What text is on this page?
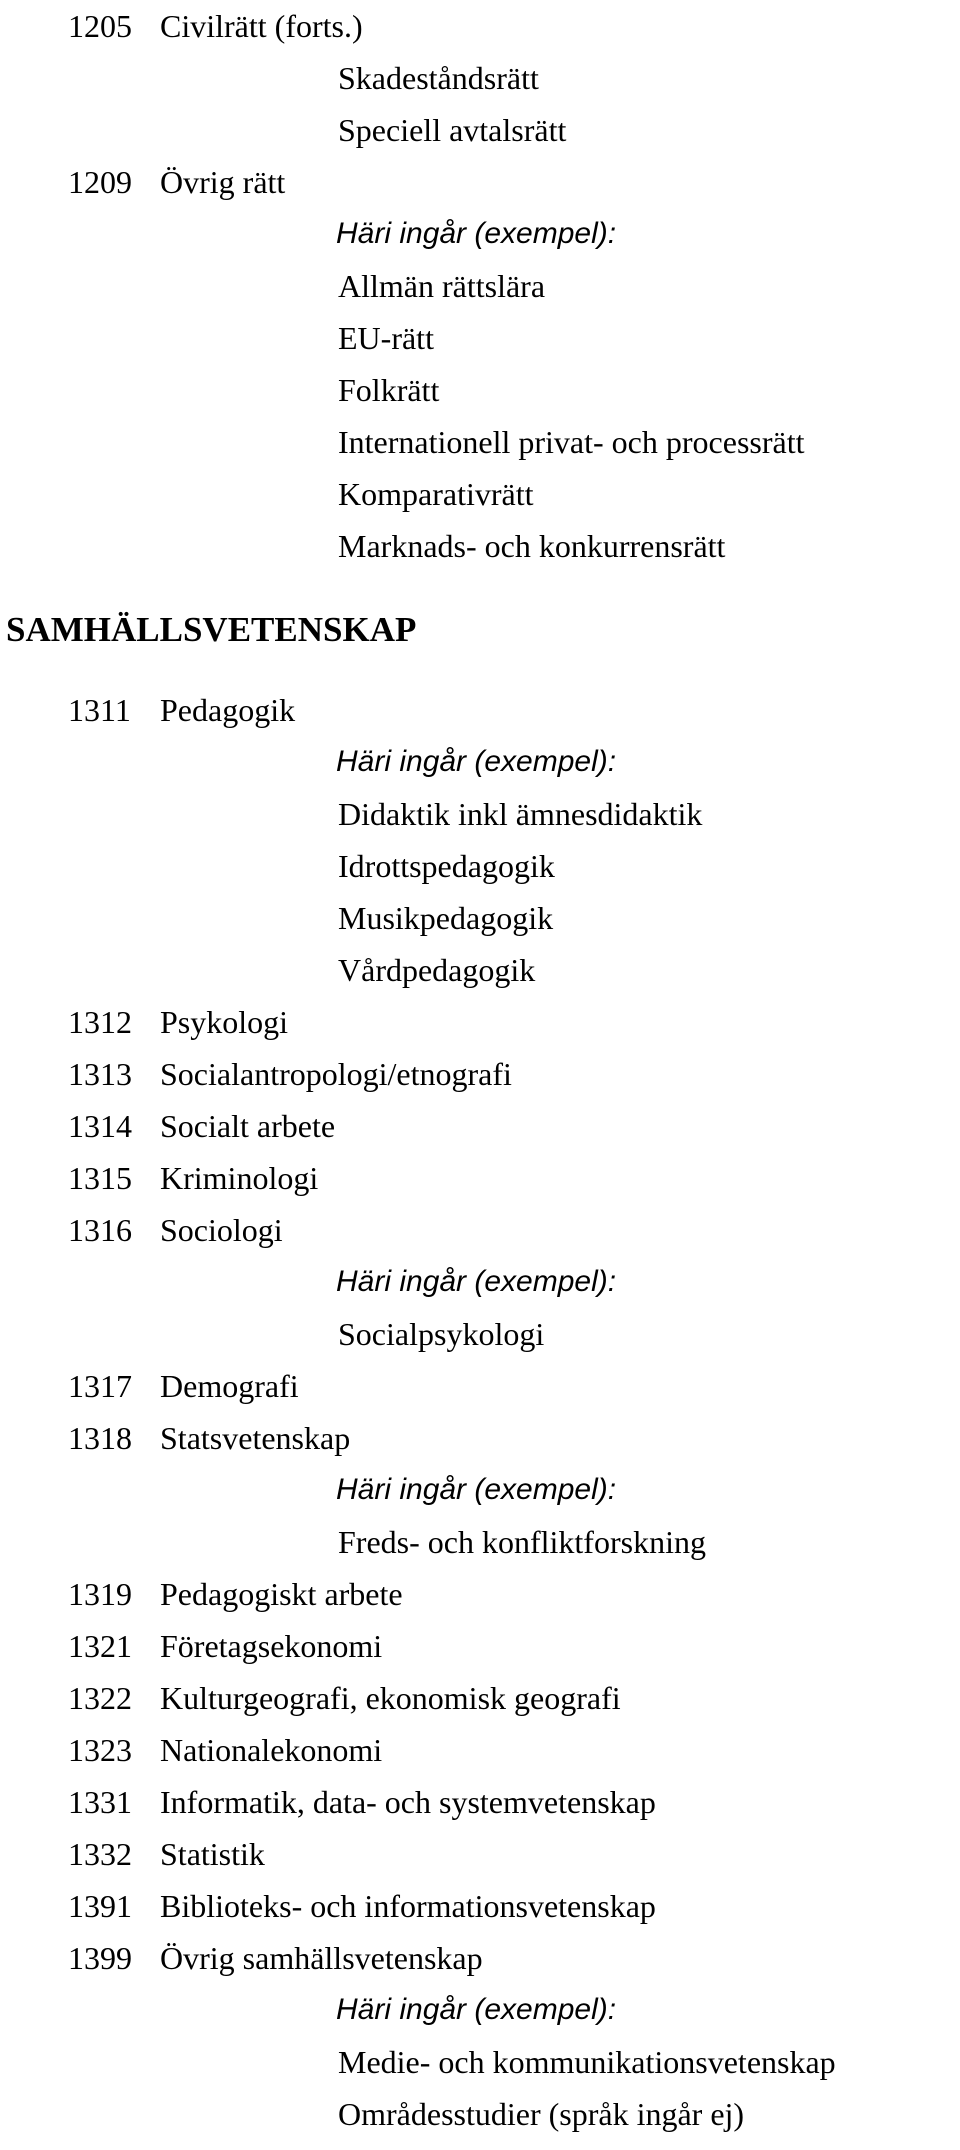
1205 Civilrätt (forts.)
Skadeståndsrätt
Speciell avtalsrätt
1209 Övrig rätt
Häri ingår (exempel):
Allmän rättslära
EU-rätt
Folkrätt
Internationell privat- och processrätt
Komparativrätt
Marknads- och konkurrensrätt
SAMHÄLLSVETENSKAP
1311 Pedagogik
Häri ingår (exempel):
Didaktik inkl ämnesdidaktik
Idrottspedagogik
Musikpedagogik
Vårdpedagogik
1312 Psykologi
1313 Socialantropologi/etnografi
1314 Socialt arbete
1315 Kriminologi
1316 Sociologi
Häri ingår (exempel):
Socialpsykologi
1317 Demografi
1318 Statsvetenskap
Häri ingår (exempel):
Freds- och konfliktforskning
1319 Pedagogiskt arbete
1321 Företagsekonomi
1322 Kulturgeografi, ekonomisk geografi
1323 Nationalekonomi
1331 Informatik, data- och systemvetenskap
1332 Statistik
1391 Biblioteks- och informationsvetenskap
1399 Övrig samhällsvetenskap
Häri ingår (exempel):
Medie- och kommunikationsvetenskap
Områdesstudier (språk ingår ej)
